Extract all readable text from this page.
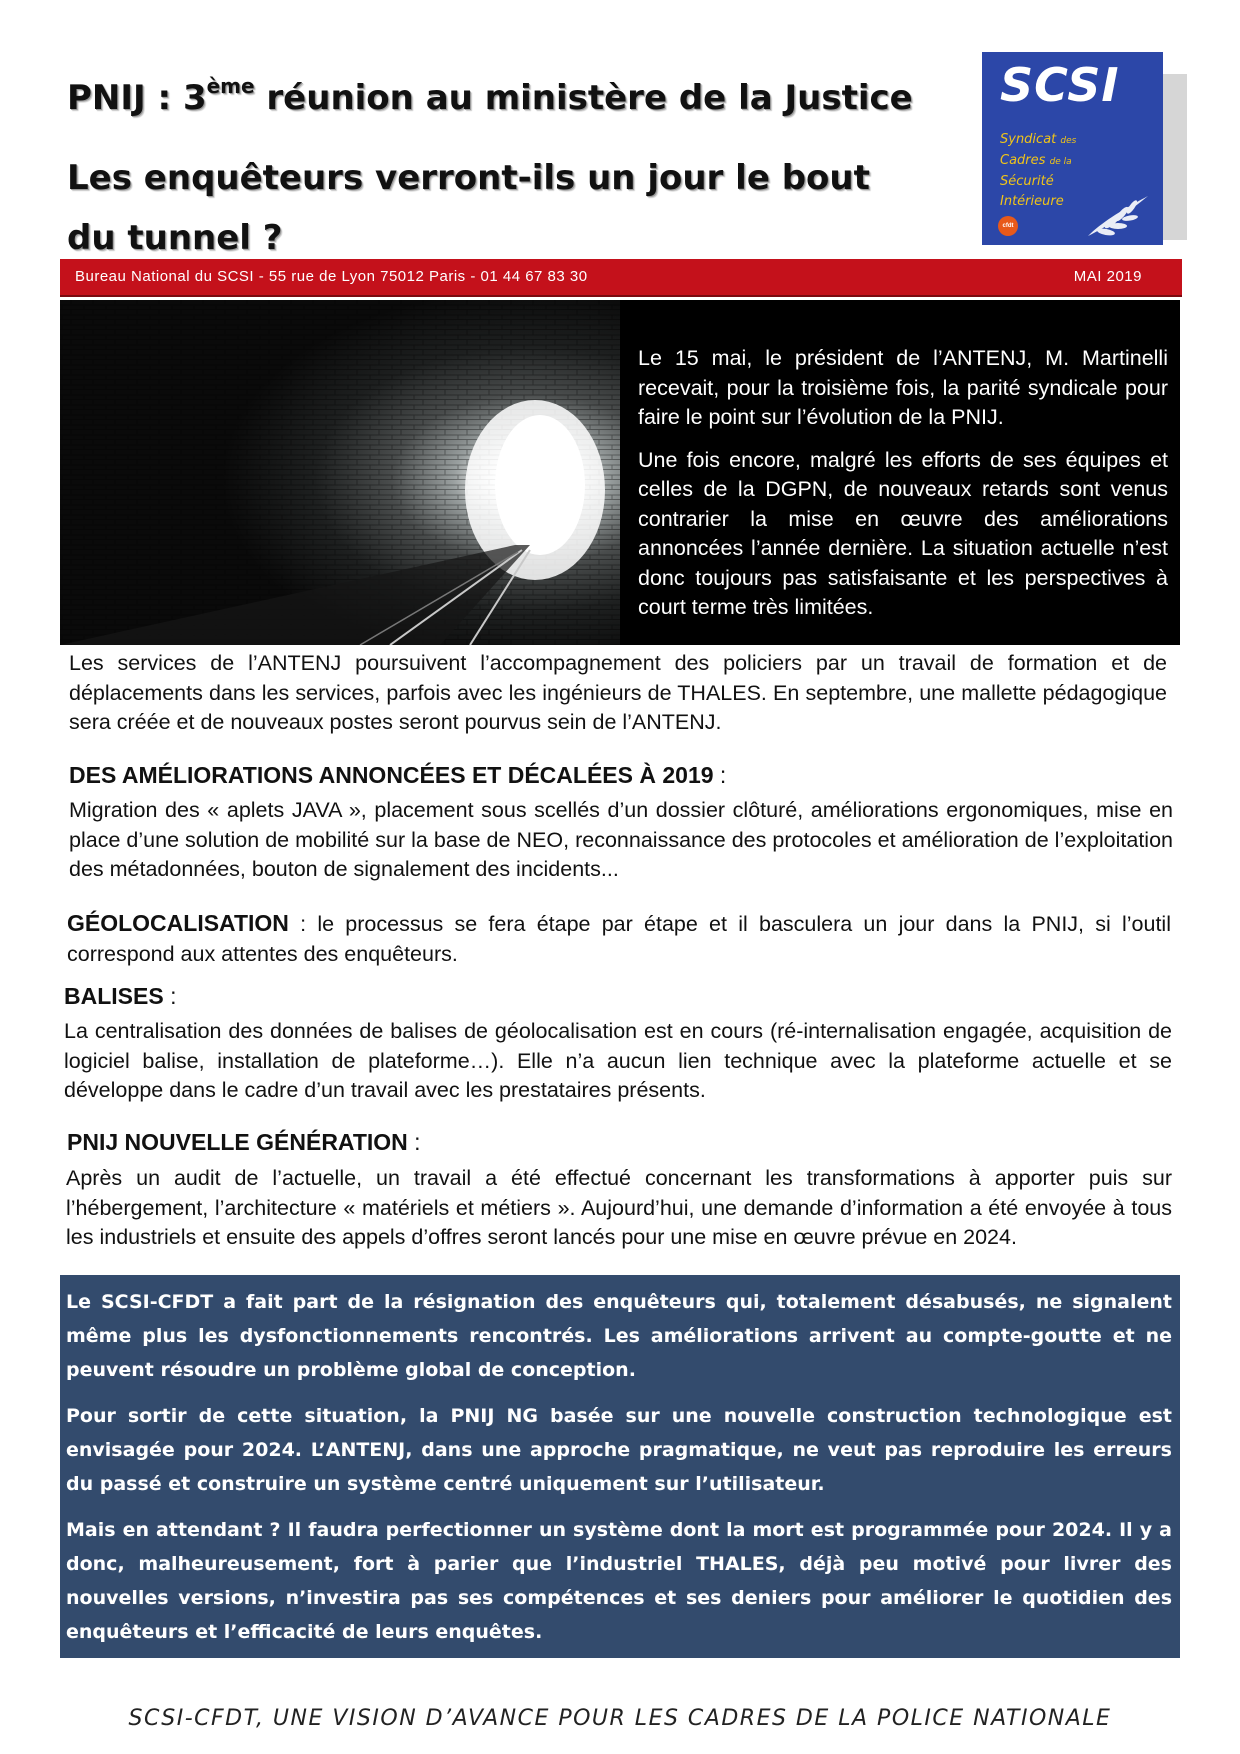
PNIJ : 3ème réunion au ministère de la Justice
Les enquêteurs verront-ils un jour le bout du tunnel ?
SCSI
Syndicat des
Cadres de la
Sécurité
Intérieure
cfdt
Bureau National du SCSI - 55 rue de Lyon 75012 Paris - 01 44 67 83 30	MAI 2019

Le 15 mai, le président de l’ANTENJ, M. Martinelli recevait, pour la troisième fois, la parité syndicale pour faire le point sur l’évolution de la PNIJ.

Une fois encore, malgré les efforts de ses équipes et celles de la DGPN, de nouveaux retards sont venus contrarier la mise en œuvre des améliorations annoncées l’année dernière. La situation actuelle n’est donc toujours pas satisfaisante et les perspectives à court terme très limitées.

Les services de l’ANTENJ poursuivent l’accompagnement des policiers par un travail de formation et de déplacements dans les services, parfois avec les ingénieurs de THALES. En septembre, une mallette pédagogique sera créée et de nouveaux postes seront pourvus sein de l’ANTENJ.
DES AMÉLIORATIONS ANNONCÉES ET DÉCALÉES À 2019 :
Migration des « aplets JAVA », placement sous scellés d’un dossier clôturé, améliorations ergonomiques, mise en place d’une solution de mobilité sur la base de NEO, reconnaissance des protocoles et amélioration de l’exploitation des métadonnées, bouton de signalement des incidents...
GÉOLOCALISATION : le processus se fera étape par étape et il basculera un jour dans la PNIJ, si l’outil correspond aux attentes des enquêteurs.
BALISES :
La centralisation des données de balises de géolocalisation est en cours (ré-internalisation engagée, acquisition de logiciel balise, installation de plateforme…). Elle n’a aucun lien technique avec la plateforme actuelle et se développe dans le cadre d’un travail avec les prestataires présents.
PNIJ NOUVELLE GÉNÉRATION :
Après un audit de l’actuelle, un travail a été effectué concernant les transformations à apporter puis sur l’hébergement, l’architecture « matériels et métiers ». Aujourd’hui, une demande d’information a été envoyée à tous les industriels et ensuite des appels d’offres seront lancés pour une mise en œuvre prévue en 2024.

Le SCSI-CFDT a fait part de la résignation des enquêteurs qui, totalement désabusés, ne signalent même plus les dysfonctionnements rencontrés. Les améliorations arrivent au compte-goutte et ne peuvent résoudre un problème global de conception.

Pour sortir de cette situation, la PNIJ NG basée sur une nouvelle construction technologique est envisagée pour 2024. L’ANTENJ, dans une approche pragmatique, ne veut pas reproduire les erreurs du passé et construire un système centré uniquement sur l’utilisateur.

Mais en attendant ? Il faudra perfectionner un système dont la mort est programmée pour 2024. Il y a donc, malheureusement, fort à parier que l’industriel THALES, déjà peu motivé pour livrer des nouvelles versions, n’investira pas ses compétences et ses deniers pour améliorer le quotidien des enquêteurs et l’efficacité de leurs enquêtes.

SCSI-CFDT, UNE VISION D’AVANCE POUR LES CADRES DE LA POLICE NATIONALE
